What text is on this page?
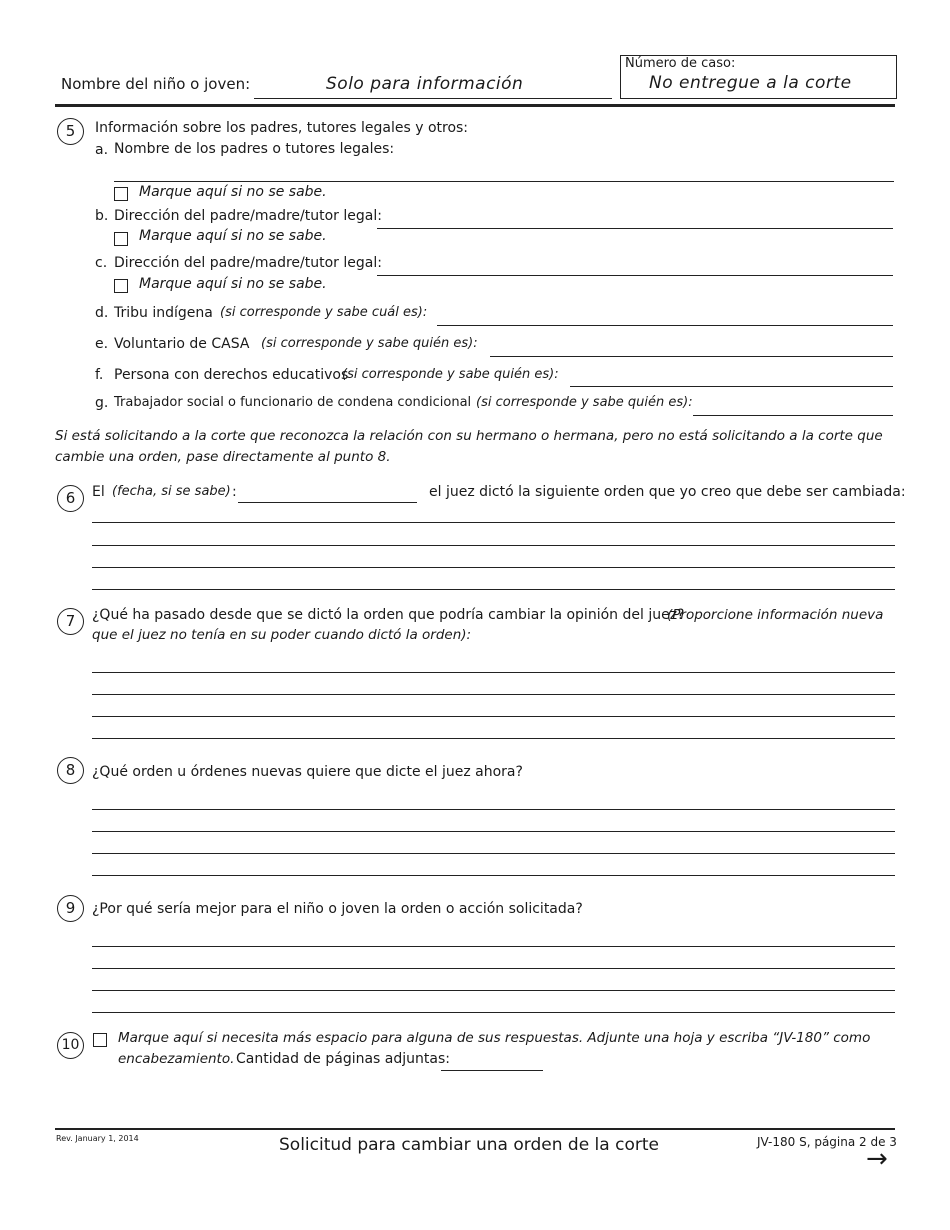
Nombre del niño o joven:	Solo para información
Número de caso:
No entregue a la corte
5	Información sobre los padres, tutores legales y otros:
a. Nombre de los padres o tutores legales:
Marque aquí si no se sabe.
b. Dirección del padre/madre/tutor legal:
Marque aquí si no se sabe.
c. Dirección del padre/madre/tutor legal:
Marque aquí si no se sabe.
d. Tribu indígena (si corresponde y sabe cuál es):
e. Voluntario de CASA (si corresponde y sabe quién es):
f. Persona con derechos educativos
(si corresponde y sabe quién es):
g. Trabajador social o funcionario de condena condicional (si corresponde y sabe quién es):
Si está solicitando a la corte que reconozca la relación con su hermano o hermana, pero no está solicitando a la corte que
cambie una orden, pase directamente al punto 8.
6	El (fecha, si se sabe) :	el juez dictó la siguiente orden que yo creo que debe ser cambiada:
7	¿Qué ha pasado desde que se dictó la orden que podría cambiar la opinión del juez?
(Proporcione información nueva
que el juez no tenía en su poder cuando dictó la orden):
8	¿Qué orden u órdenes nuevas quiere que dicte el juez ahora?
9	¿Por qué sería mejor para el niño o joven la orden o acción solicitada?
10	Marque aquí si necesita más espacio para alguna de sus respuestas. Adjunte una hoja y escriba “JV-180” como
encabezamiento. Cantidad de páginas adjuntas:
Rev. January 1, 2014	Solicitud para cambiar una orden de la corte	JV-180 S, página 2 de 3
→
